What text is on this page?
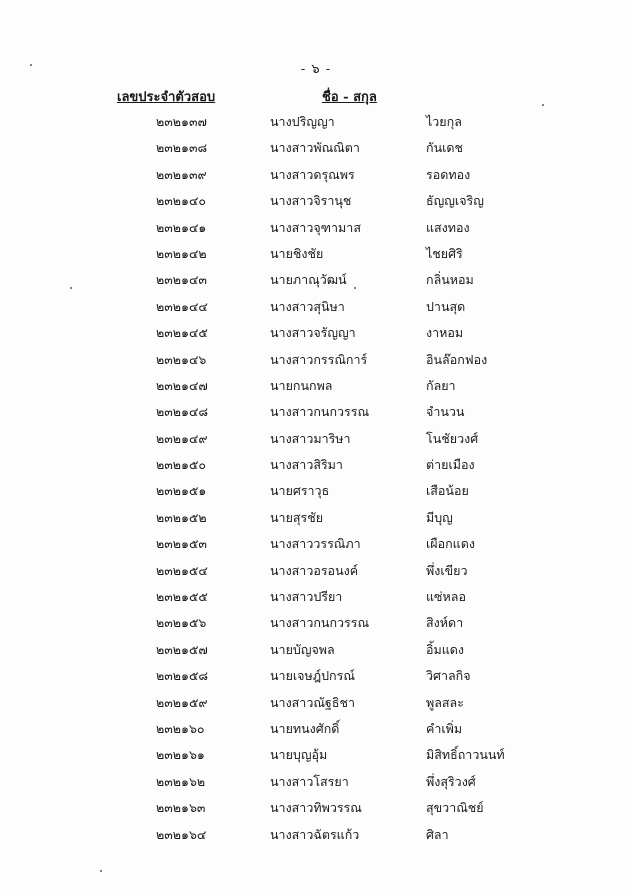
- ๖ -
เลขประจำตัวสอบ	ชื่อ - สกุล
๒๓๒๑๓๗	นางปริญญา	ไวยกุล
๒๓๒๑๓๘	นางสาวพัณณิตา	กันเดช
๒๓๒๑๓๙	นางสาวดรุณพร	รอดทอง
๒๓๒๑๔๐	นางสาวจิรานุช	ธัญญเจริญ
๒๓๒๑๔๑	นางสาวจุฑามาส	แสงทอง
๒๓๒๑๔๒	นายชิงชัย	ไชยศิริ
๒๓๒๑๔๓	นายภาณุวัฒน์	กลิ่นหอม
๒๓๒๑๔๔	นางสาวสุนิษา	ปานสุด
๒๓๒๑๔๕	นางสาวจรัญญา	งาหอม
๒๓๒๑๔๖	นางสาวกรรณิการ์	อินล๊อกฟอง
๒๓๒๑๔๗	นายกนกพล	กัลยา
๒๓๒๑๔๘	นางสาวกนกวรรณ	จำนวน
๒๓๒๑๔๙	นางสาวมาริษา	โนชัยวงศ์
๒๓๒๑๕๐	นางสาวสิริมา	ต่ายเมือง
๒๓๒๑๕๑	นายศราวุธ	เสือน้อย
๒๓๒๑๕๒	นายสุรชัย	มีบุญ
๒๓๒๑๕๓	นางสาววรรณิภา	เผือกแดง
๒๓๒๑๕๔	นางสาวอรอนงค์	พึ่งเขียว
๒๓๒๑๕๕	นางสาวปรียา	แซ่หลอ
๒๓๒๑๕๖	นางสาวกนกวรรณ	สิงห์ดา
๒๓๒๑๕๗	นายบัญจพล	อิ้มแดง
๒๓๒๑๕๘	นายเจษฎ์ปกรณ์	วิศาลกิจ
๒๓๒๑๕๙	นางสาวณัฐธิชา	พูลสละ
๒๓๒๑๖๐	นายทนงศักดิ์	คำเพิ่ม
๒๓๒๑๖๑	นายบุญอุ้ม	มิสิทธิ์ถาวนนท์
๒๓๒๑๖๒	นางสาวโสรยา	พึ่งสุริวงศ์
๒๓๒๑๖๓	นางสาวทิพวรรณ	สุขวาณิชย์
๒๓๒๑๖๔	นางสาวฉัตรแก้ว	ศิลา
